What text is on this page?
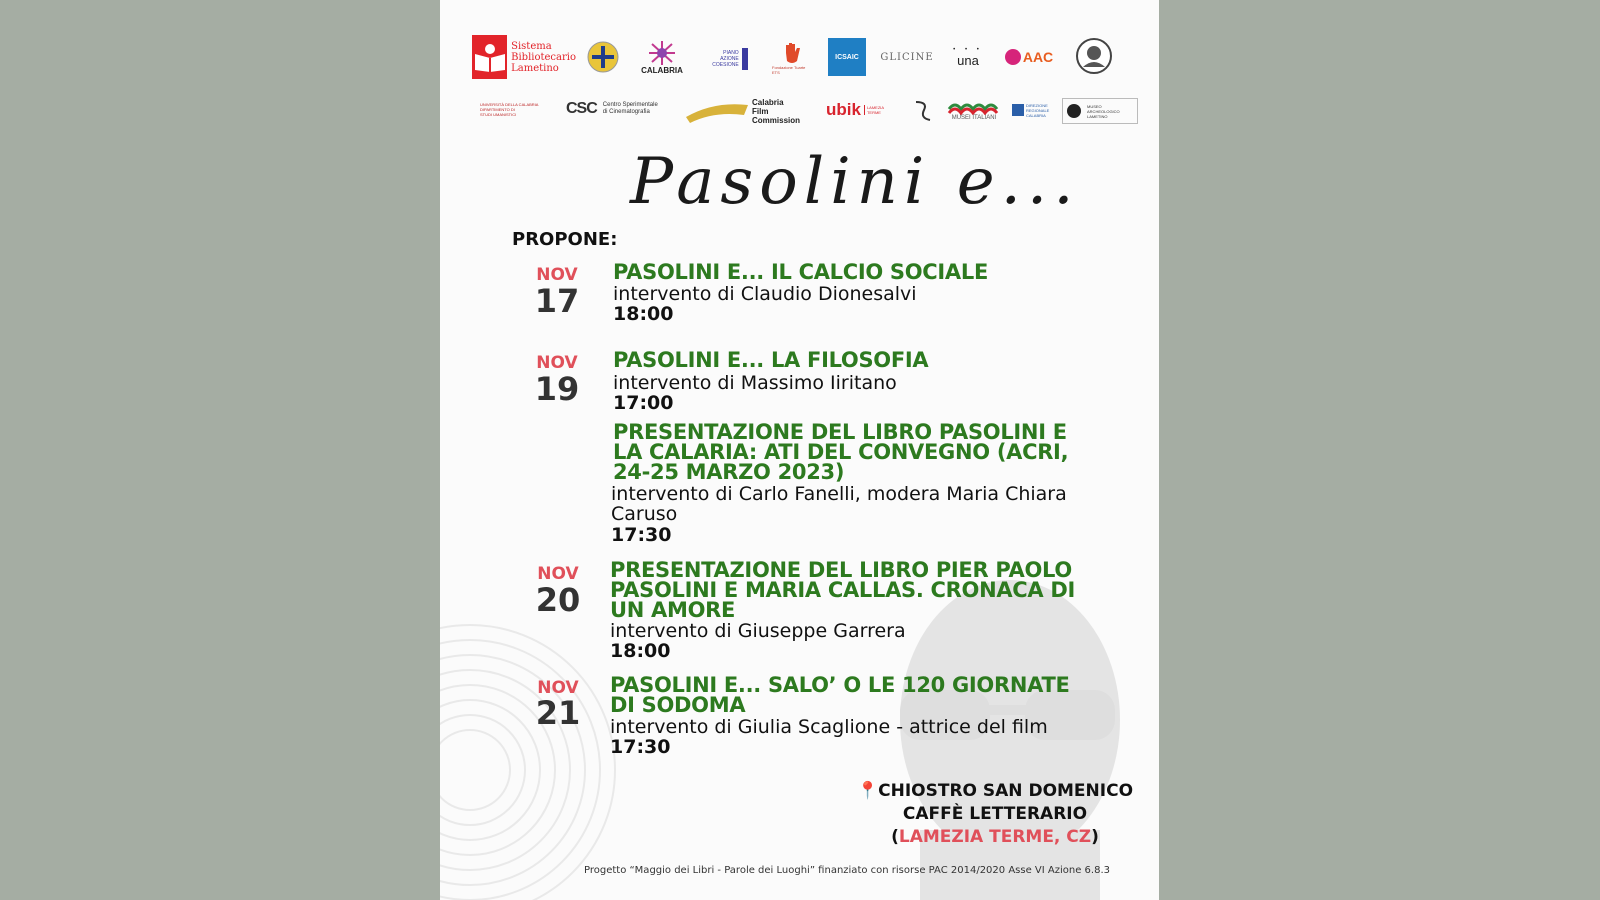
Sistema
Bibliotecario
Lametino	CALABRIA
PIANO
AZIONE
COESIONE	Fondazione Tuarte ETS
ICSAIC GLICINE
• • •
una	AAC
UNIVERSITÀ DELLA CALABRIA
DIPARTIMENTO DI
STUDI UMANISTICI	CSC Centro Sperimentale
di Cinematografia
Calabria
Film
Commission
ubik LAMEZIA
TERME
MUSEI ITALIANI
DIREZIONE
REGIONALE
CALABRIA
MUSEO
ARCHEOLOGICO
LAMETINO
Pasolini e...
PROPONE:
NOV
17
PASOLINI E... IL CALCIO SOCIALE
intervento di Claudio Dionesalvi
18:00
NOV
19
PASOLINI E... LA FILOSOFIA
intervento di Massimo Iiritano
17:00
PRESENTAZIONE DEL LIBRO PASOLINI E LA CALARIA: ATI DEL CONVEGNO (ACRI, 24-25 MARZO 2023)
intervento di Carlo Fanelli, modera Maria Chiara Caruso
17:30
NOV
20
PRESENTAZIONE DEL LIBRO PIER PAOLO PASOLINI E MARIA CALLAS. CRONACA DI UN AMORE
intervento di Giuseppe Garrera
18:00
NOV
21
PASOLINI E... SALO’ O LE 120 GIORNATE DI SODOMA
intervento di Giulia Scaglione - attrice del film
17:30
📍CHIOSTRO SAN DOMENICO
CAFFÈ LETTERARIO
(LAMEZIA TERME, CZ)
Progetto “Maggio dei Libri - Parole dei Luoghi” finanziato con risorse PAC 2014/2020 Asse VI Azione 6.8.3
